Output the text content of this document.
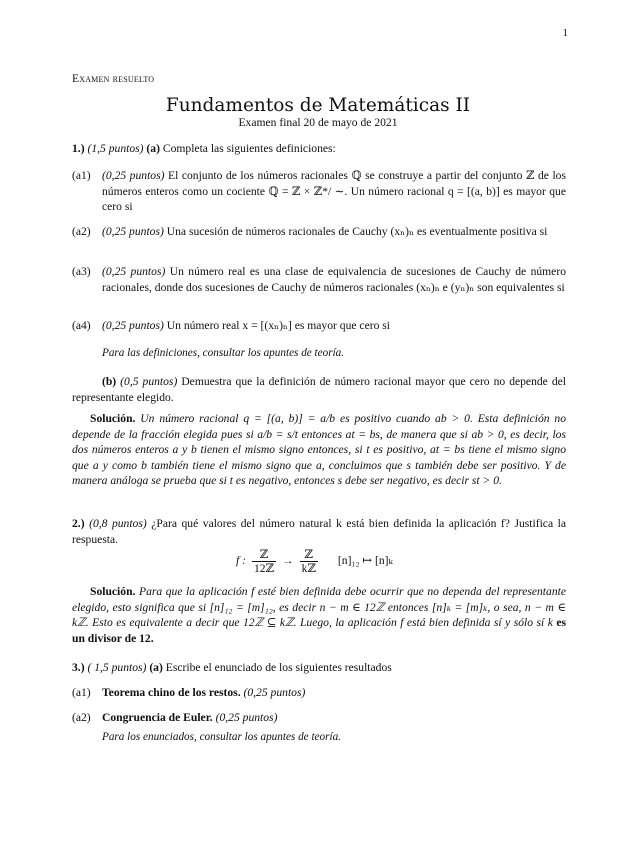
1
Examen resuelto
Fundamentos de Matemáticas II
Examen final 20 de mayo de 2021
1.) (1,5 puntos) (a) Completa las siguientes definiciones:
(a1) (0,25 puntos) El conjunto de los números racionales ℚ se construye a partir del conjunto ℤ de los números enteros como un cociente ℚ = ℤ × ℤ*/ ∼. Un número racional q = [(a, b)] es mayor que cero si
(a2) (0,25 puntos) Una sucesión de números racionales de Cauchy (xₙ)ₙ es eventualmente positiva si
(a3) (0,25 puntos) Un número real es una clase de equivalencia de sucesiones de Cauchy de número racionales, donde dos sucesiones de Cauchy de números racionales (xₙ)ₙ e (yₙ)ₙ son equivalentes si
(a4) (0,25 puntos) Un número real x = [(xₙ)ₙ] es mayor que cero si
Para las definiciones, consultar los apuntes de teoría.
(b) (0,5 puntos) Demuestra que la definición de número racional mayor que cero no depende del representante elegido.
Solución. Un número racional q = [(a, b)] = a/b es positivo cuando ab > 0. Esta definición no depende de la fracción elegida pues si a/b = s/t entonces at = bs, de manera que si ab > 0, es decir, los dos números enteros a y b tienen el mismo signo entonces, si t es positivo, at = bs tiene el mismo signo que a y como b también tiene el mismo signo que a, concluimos que s también debe ser positivo. Y de manera análoga se prueba que si t es negativo, entonces s debe ser negativo, es decir st > 0.
2.) (0,8 puntos) ¿Para qué valores del número natural k está bien definida la aplicación f? Justifica la respuesta.
f :
ℤ
12ℤ
→
ℤ
kℤ
[n]₁₂ ↦ [n]ₖ
Solución. Para que la aplicación f esté bien definida debe ocurrir que no dependa del representante elegido, esto significa que si [n]₁₂ = [m]₁₂, es decir n − m ∈ 12ℤ entonces [n]ₖ = [m]ₖ, o sea, n − m ∈ kℤ. Esto es equivalente a decir que 12ℤ ⊆ kℤ. Luego, la aplicación f está bien definida sí y sólo sí k es un divisor de 12.
3.) ( 1,5 puntos) (a) Escribe el enunciado de los siguientes resultados
(a1) Teorema chino de los restos. (0,25 puntos)
(a2) Congruencia de Euler. (0,25 puntos)
Para los enunciados, consultar los apuntes de teoría.
